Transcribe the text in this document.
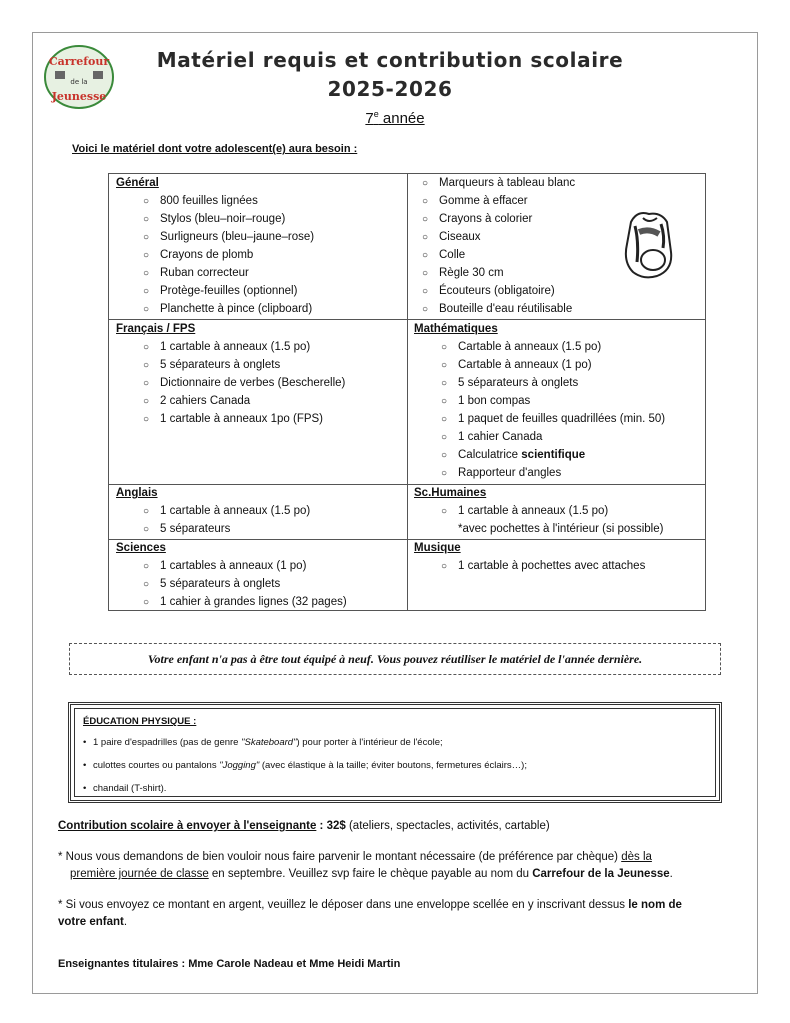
Carrefour
de la
Jeunesse
Matériel requis et contribution scolaire
2025-2026
7e année
Voici le matériel dont votre adolescent(e) aura besoin :
Général
○ 800 feuilles lignées
○ Stylos (bleu–noir–rouge)
○ Surligneurs (bleu–jaune–rose)
○ Crayons de plomb
○ Ruban correcteur
○ Protège-feuilles (optionnel)
○ Planchette à pince (clipboard)
○ Marqueurs à tableau blanc
○ Gomme à effacer
○ Crayons à colorier
○ Ciseaux
○ Colle
○ Règle 30 cm
○ Écouteurs (obligatoire)
○ Bouteille d'eau réutilisable
Français / FPS
○ 1 cartable à anneaux (1.5 po)
○ 5 séparateurs à onglets
○ Dictionnaire de verbes (Bescherelle)
○ 2 cahiers Canada
○ 1 cartable à anneaux 1po (FPS)
Mathématiques
○ Cartable à anneaux (1.5 po)
○ Cartable à anneaux (1 po)
○ 5 séparateurs à onglets
○ 1 bon compas
○ 1 paquet de feuilles quadrillées (min. 50)
○ 1 cahier Canada
○ Calculatrice scientifique
○ Rapporteur d'angles
Anglais
○ 1 cartable à anneaux (1.5 po)
○ 5 séparateurs
Sc.Humaines
○ 1 cartable à anneaux (1.5 po)
*avec pochettes à l'intérieur (si possible)
Sciences
○ 1 cartables à anneaux (1 po)
○ 5 séparateurs à onglets
○ 1 cahier à grandes lignes (32 pages)
Musique
○ 1 cartable à pochettes avec attaches
Votre enfant n'a pas à être tout équipé à neuf. Vous pouvez réutiliser le matériel de l'année dernière.
ÉDUCATION PHYSIQUE :
• 1 paire d'espadrilles (pas de genre "Skateboard") pour porter à l'intérieur de l'école;
• culottes courtes ou pantalons "Jogging" (avec élastique à la taille; éviter boutons, fermetures éclairs…);
• chandail (T-shirt).
Contribution scolaire à envoyer à l'enseignante : 32$ (ateliers, spectacles, activités, cartable)
* Nous vous demandons de bien vouloir nous faire parvenir le montant nécessaire (de préférence par chèque) dès la
première journée de classe en septembre. Veuillez svp faire le chèque payable au nom du Carrefour de la Jeunesse.
* Si vous envoyez ce montant en argent, veuillez le déposer dans une enveloppe scellée en y inscrivant dessus le nom de
votre enfant.
Enseignantes titulaires : Mme Carole Nadeau et Mme Heidi Martin
